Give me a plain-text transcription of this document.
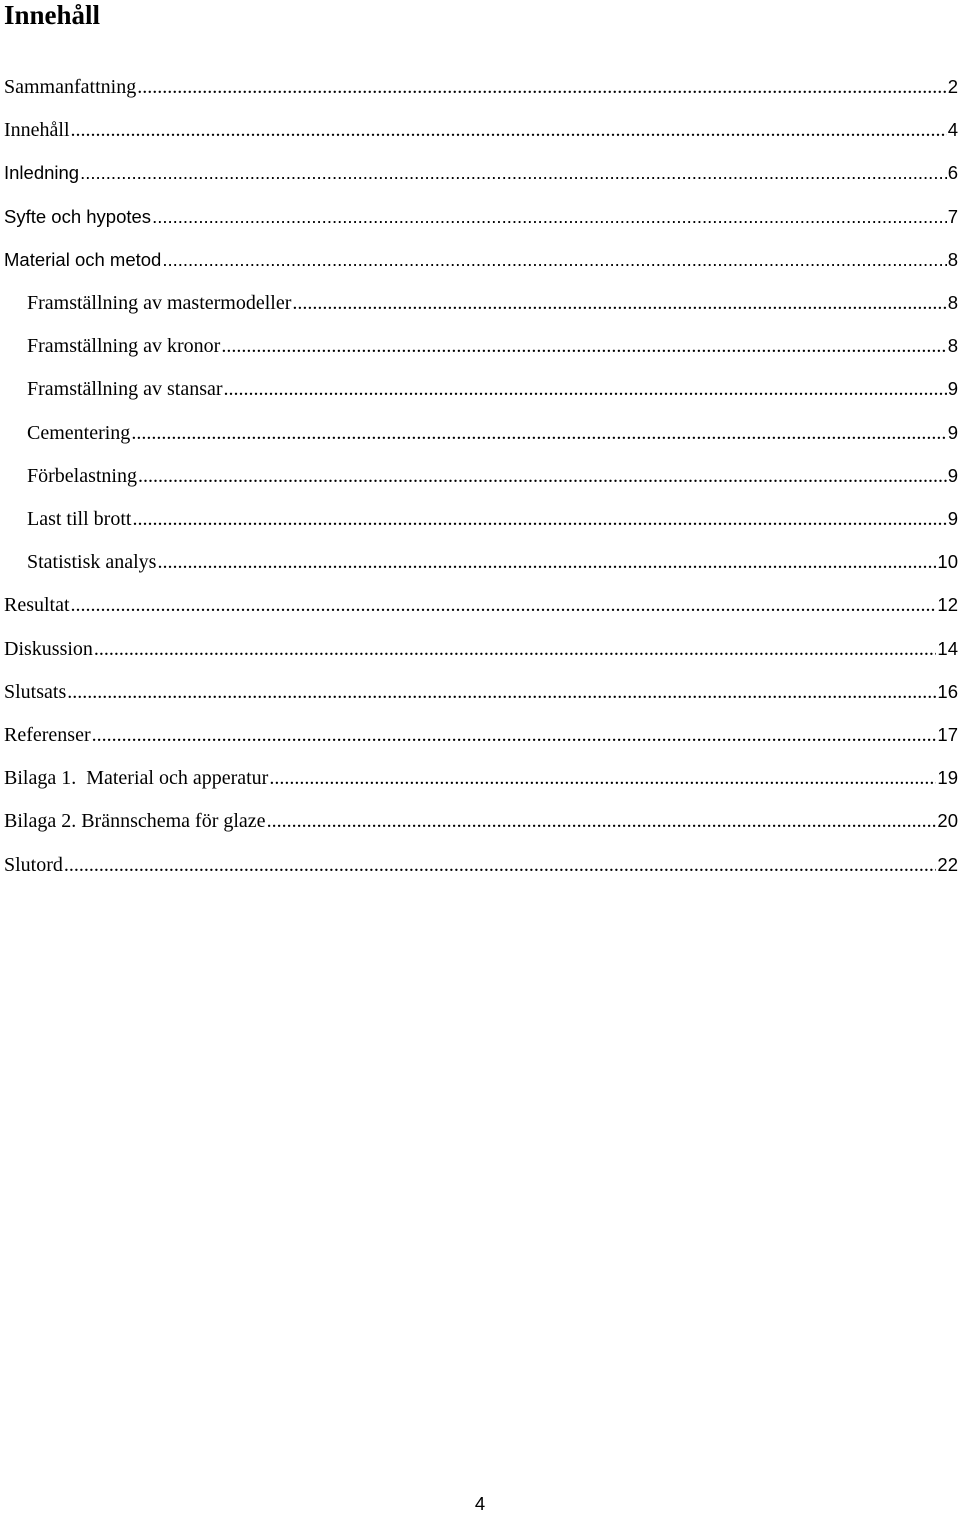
Innehåll
Sammanfattning .....	2
Innehåll .....	4
Inledning .....	6
Syfte och hypotes .....	7
Material och metod .....	8
Framställning av mastermodeller .....	8
Framställning av kronor .....	8
Framställning av stansar .....	9
Cementering .....	9
Förbelastning .....	9
Last till brott .....	9
Statistisk analys .....	10
Resultat .....	12
Diskussion .....	14
Slutsats .....	16
Referenser .....	17
Bilaga 1.  Material och apperatur .....	19
Bilaga 2. Brännschema för glaze .....	20
Slutord .....	22
4
